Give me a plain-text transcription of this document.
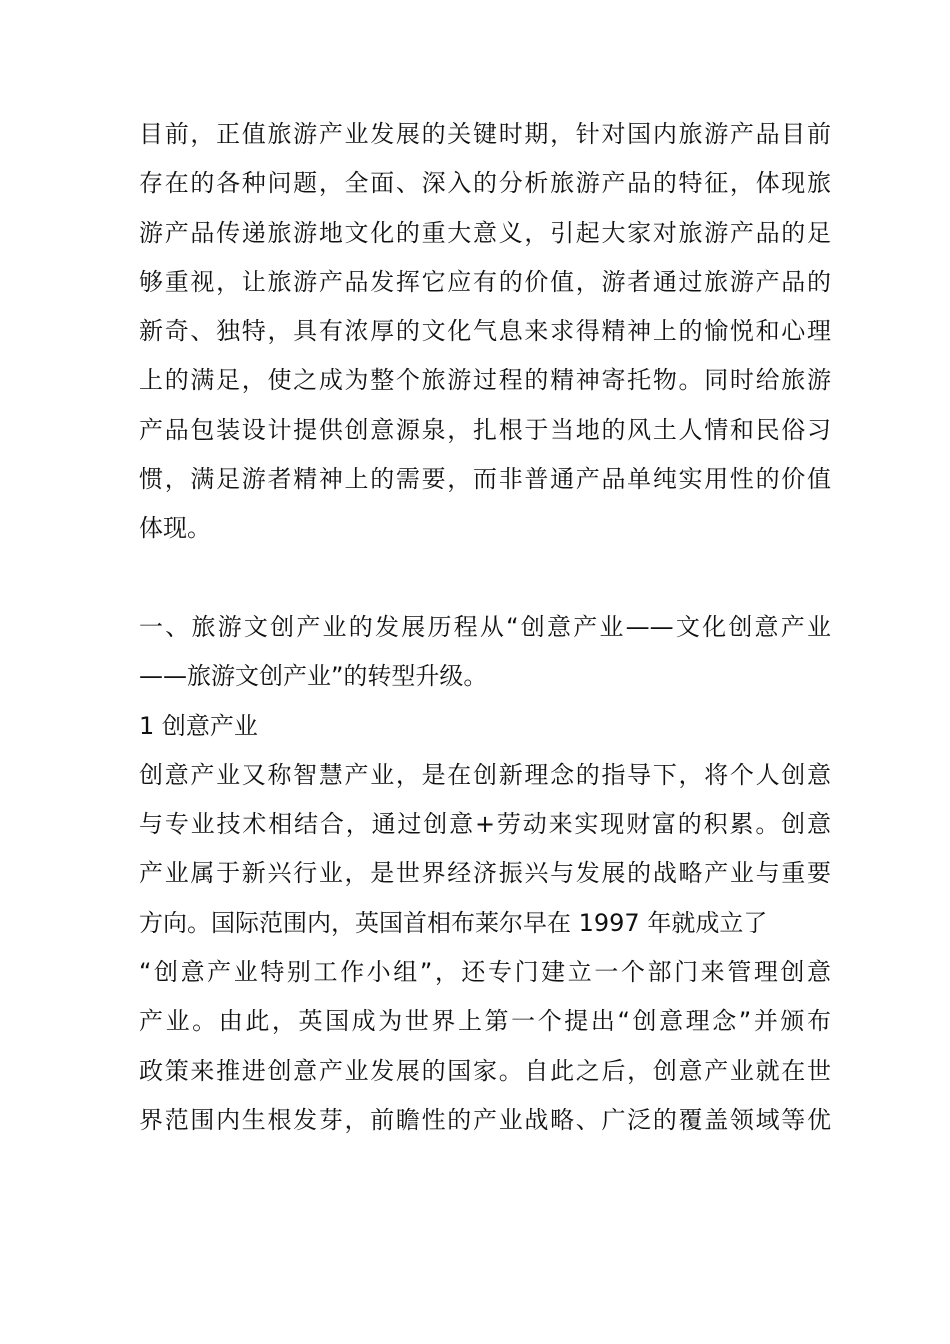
目前，正值旅游产业发展的关键时期，针对国内旅游产品目前
存在的各种问题，全面、深入的分析旅游产品的特征，体现旅
游产品传递旅游地文化的重大意义，引起大家对旅游产品的足
够重视，让旅游产品发挥它应有的价值，游者通过旅游产品的
新奇、独特，具有浓厚的文化气息来求得精神上的愉悦和心理
上的满足，使之成为整个旅游过程的精神寄托物。同时给旅游
产品包装设计提供创意源泉，扎根于当地的风土人情和民俗习
惯，满足游者精神上的需要，而非普通产品单纯实用性的价值
体现。
一、旅游文创产业的发展历程从“创意产业——文化创意产业
——旅游文创产业”的转型升级。
1 创意产业
创意产业又称智慧产业，是在创新理念的指导下，将个人创意
与专业技术相结合，通过创意+劳动来实现财富的积累。创意
产业属于新兴行业，是世界经济振兴与发展的战略产业与重要
方向。国际范围内，英国首相布莱尔早在 1997 年就成立了
“创意产业特别工作小组”，还专门建立一个部门来管理创意
产业。由此，英国成为世界上第一个提出“创意理念”并颁布
政策来推进创意产业发展的国家。自此之后，创意产业就在世
界范围内生根发芽，前瞻性的产业战略、广泛的覆盖领域等优
